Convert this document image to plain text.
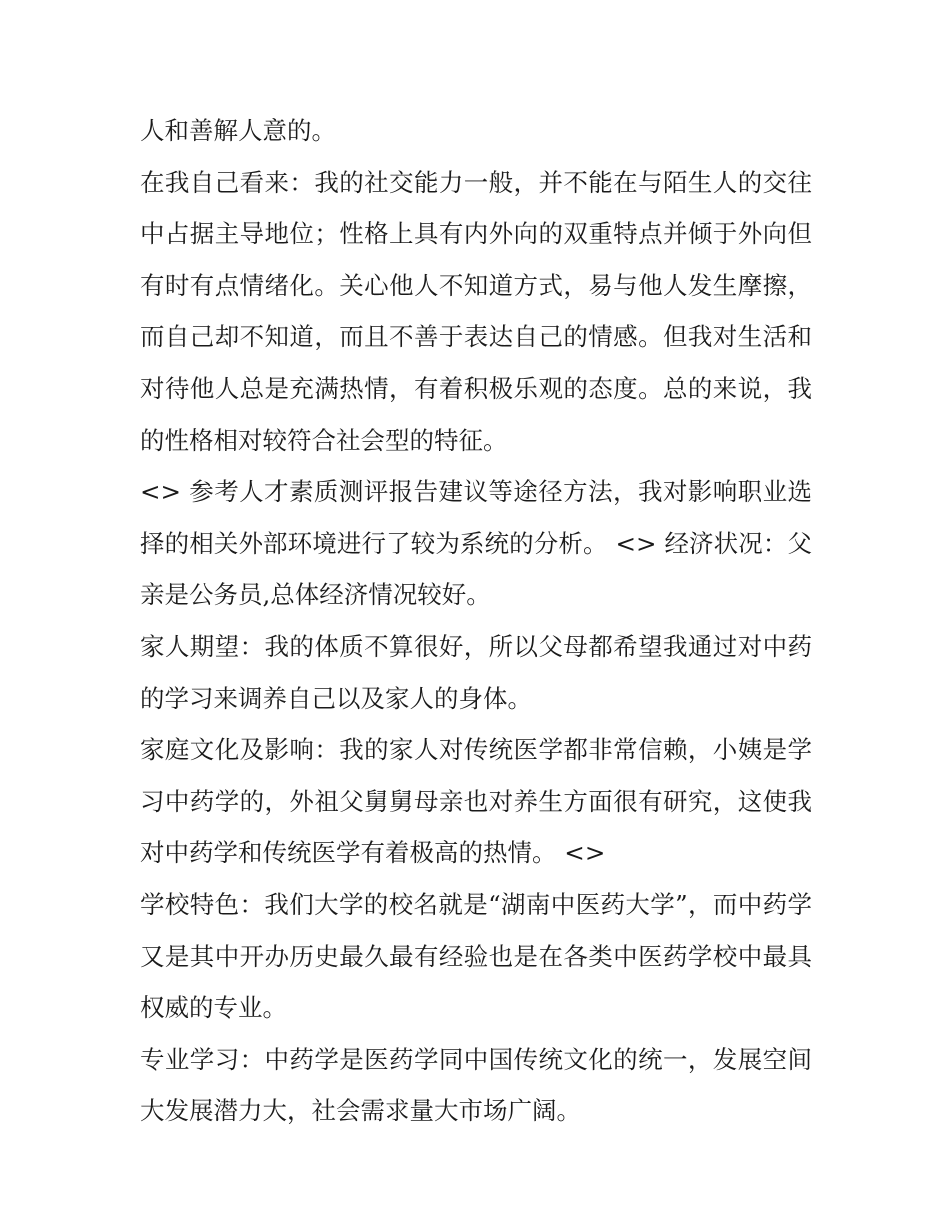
人和善解人意的。

在我自己看来：我的社交能力一般，并不能在与陌生人的交往
中占据主导地位；性格上具有内外向的双重特点并倾于外向但
有时有点情绪化。关心他人不知道方式，易与他人发生摩擦，
而自己却不知道，而且不善于表达自己的情感。但我对生活和
对待他人总是充满热情，有着积极乐观的态度。总的来说，我
的性格相对较符合社会型的特征。

<> 参考人才素质测评报告建议等途径方法，我对影响职业选
择的相关外部环境进行了较为系统的分析。 <> 经济状况：父
亲是公务员,总体经济情况较好。

家人期望：我的体质不算很好，所以父母都希望我通过对中药
的学习来调养自己以及家人的身体。

家庭文化及影响：我的家人对传统医学都非常信赖，小姨是学
习中药学的，外祖父舅舅母亲也对养生方面很有研究，这使我
对中药学和传统医学有着极高的热情。 <>

学校特色：我们大学的校名就是“湖南中医药大学”，而中药学
又是其中开办历史最久最有经验也是在各类中医药学校中最具
权威的专业。

专业学习：中药学是医药学同中国传统文化的统一，发展空间
大发展潜力大，社会需求量大市场广阔。
